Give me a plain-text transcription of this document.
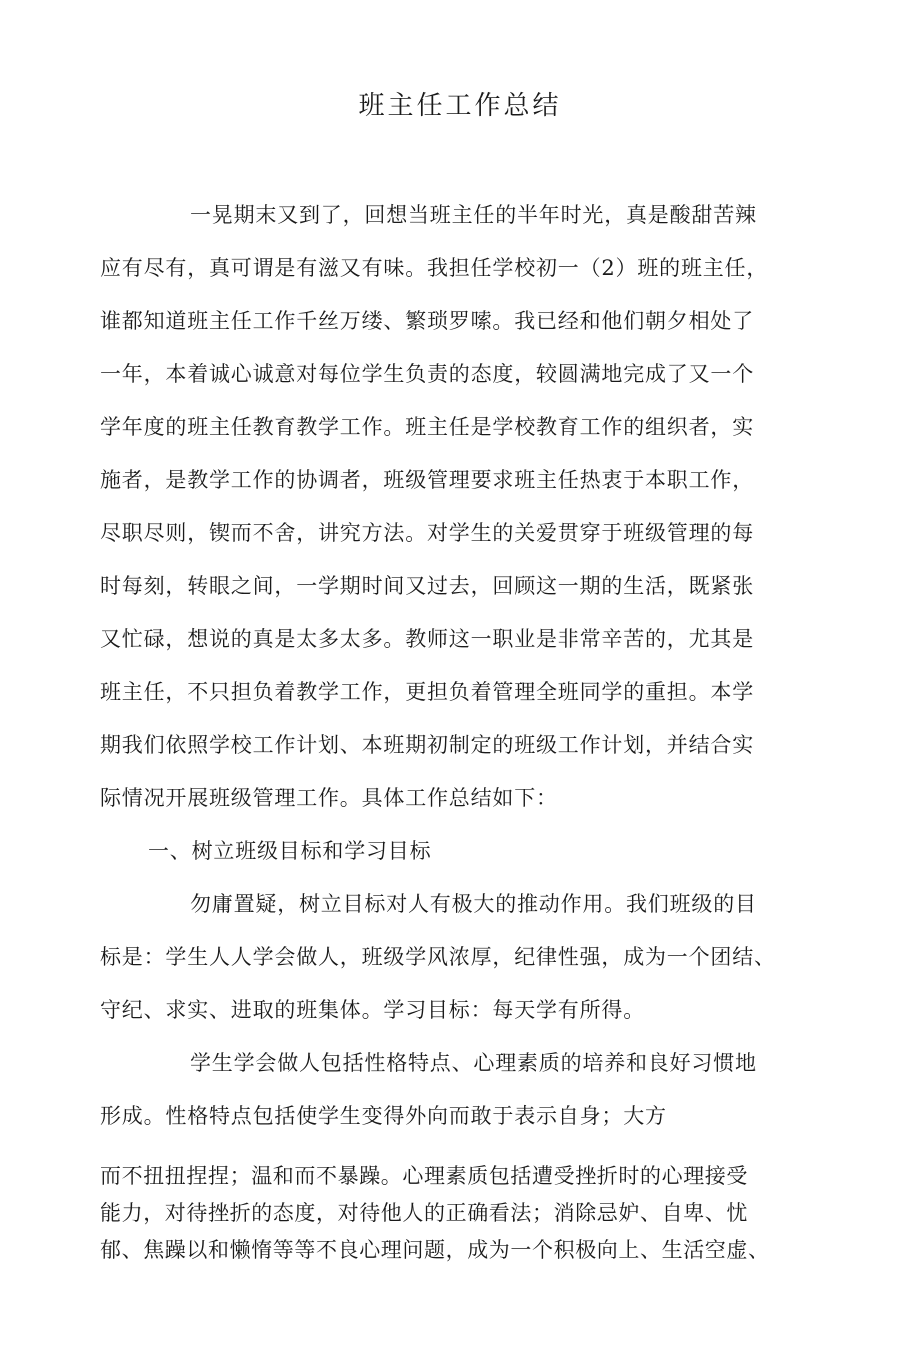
班主任工作总结
一晃期末又到了，回想当班主任的半年时光，真是酸甜苦辣
应有尽有，真可谓是有滋又有味。我担任学校初一（2）班的班主任，
谁都知道班主任工作千丝万缕、繁琐罗嗦。我已经和他们朝夕相处了
一年，本着诚心诚意对每位学生负责的态度，较圆满地完成了又一个
学年度的班主任教育教学工作。班主任是学校教育工作的组织者，实
施者，是教学工作的协调者，班级管理要求班主任热衷于本职工作，
尽职尽则，锲而不舍，讲究方法。对学生的关爱贯穿于班级管理的每
时每刻，转眼之间，一学期时间又过去，回顾这一期的生活，既紧张
又忙碌，想说的真是太多太多。教师这一职业是非常辛苦的，尤其是
班主任，不只担负着教学工作，更担负着管理全班同学的重担。本学
期我们依照学校工作计划、本班期初制定的班级工作计划，并结合实
际情况开展班级管理工作。具体工作总结如下：
一、树立班级目标和学习目标
勿庸置疑，树立目标对人有极大的推动作用。我们班级的目
标是：学生人人学会做人，班级学风浓厚，纪律性强，成为一个团结、
守纪、求实、进取的班集体。学习目标：每天学有所得。
学生学会做人包括性格特点、心理素质的培养和良好习惯地
形成。性格特点包括使学生变得外向而敢于表示自身；大方
而不扭扭捏捏；温和而不暴躁。心理素质包括遭受挫折时的心理接受
能力，对待挫折的态度，对待他人的正确看法；消除忌妒、自卑、忧
郁、焦躁以和懒惰等等不良心理问题，成为一个积极向上、生活空虚、
